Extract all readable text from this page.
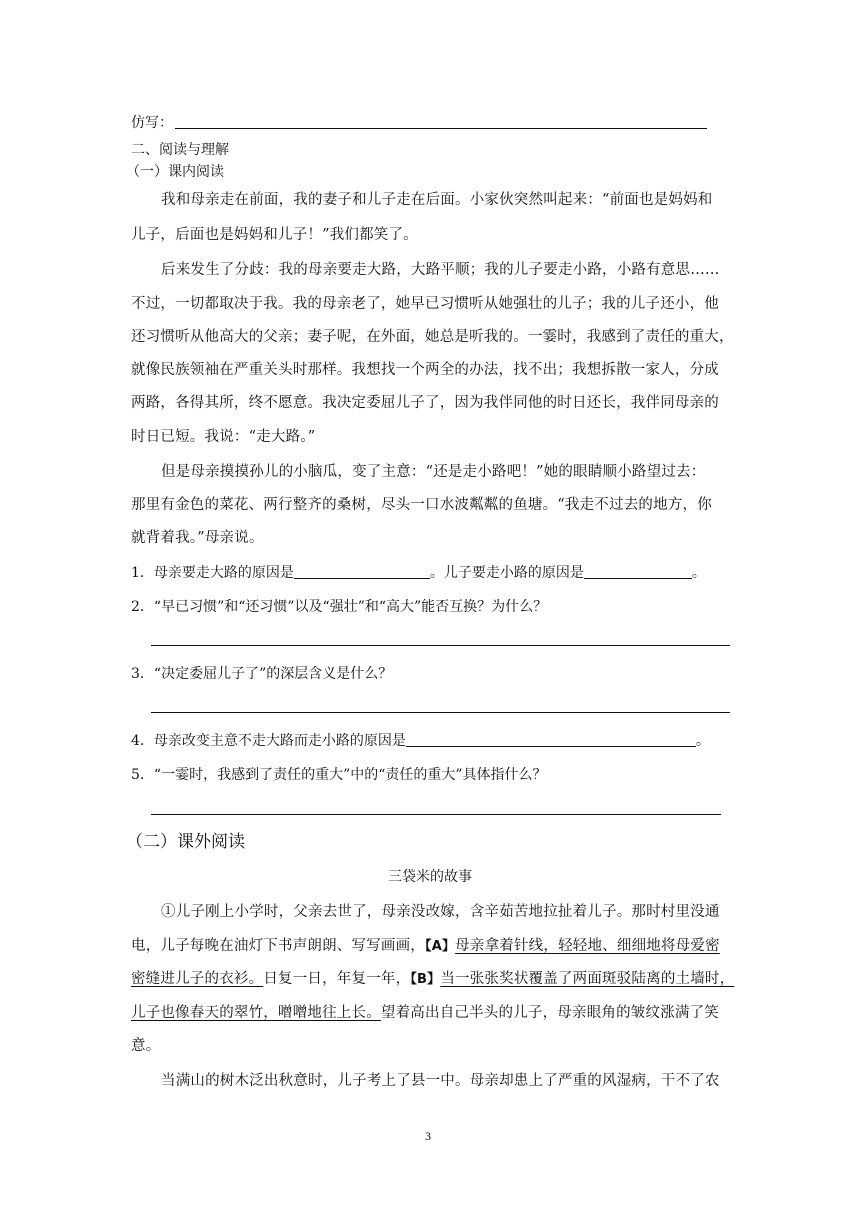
仿写：
二、阅读与理解
（一）课内阅读
我和母亲走在前面，我的妻子和儿子走在后面。小家伙突然叫起来：“前面也是妈妈和
儿子，后面也是妈妈和儿子！”我们都笑了。
后来发生了分歧：我的母亲要走大路，大路平顺；我的儿子要走小路，小路有意思……
不过，一切都取决于我。我的母亲老了，她早已习惯听从她强壮的儿子；我的儿子还小，他
还习惯听从他高大的父亲；妻子呢，在外面，她总是听我的。一霎时，我感到了责任的重大，
就像民族领袖在严重关头时那样。我想找一个两全的办法，找不出；我想拆散一家人，分成
两路，各得其所，终不愿意。我决定委屈儿子了，因为我伴同他的时日还长，我伴同母亲的
时日已短。我说：“走大路。”
但是母亲摸摸孙儿的小脑瓜，变了主意：“还是走小路吧！”她的眼睛顺小路望过去：
那里有金色的菜花、两行整齐的桑树，尽头一口水波粼粼的鱼塘。“我走不过去的地方，你
就背着我。”母亲说。
1．母亲要走大路的原因是	。儿子要走小路的原因是	。
2．“早已习惯”和“还习惯”以及“强壮”和“高大”能否互换？为什么？
3．“决定委屈儿子了”的深层含义是什么？
4．母亲改变主意不走大路而走小路的原因是	。
5．“一霎时，我感到了责任的重大”中的“责任的重大”具体指什么？
（二）课外阅读
三袋米的故事
①儿子刚上小学时，父亲去世了，母亲没改嫁，含辛茹苦地拉扯着儿子。那时村里没通
电，儿子每晚在油灯下书声朗朗、写写画画，【A】母亲拿着针线，轻轻地、细细地将母爱密
密缝进儿子的衣衫。日复一日，年复一年，【B】当一张张奖状覆盖了两面斑驳陆离的土墙时，
儿子也像春天的翠竹，噌噌地往上长。望着高出自己半头的儿子，母亲眼角的皱纹涨满了笑
意。
当满山的树木泛出秋意时，儿子考上了县一中。母亲却患上了严重的风湿病，干不了农
3
